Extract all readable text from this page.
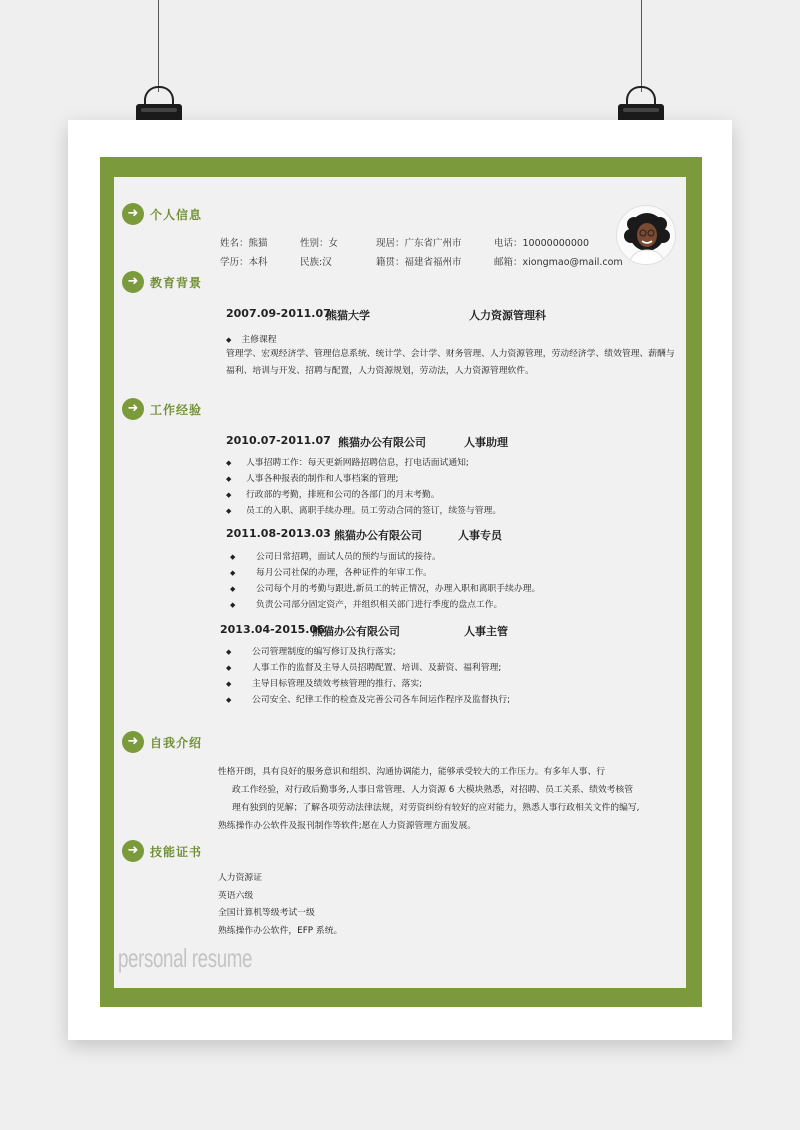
➜ 个人信息
姓名：熊猫	性别：女	现居：广东省广州市	电话：10000000000
学历：本科	民族:汉	籍贯：福建省福州市	邮箱：xiongmao@mail.com
➜ 教育背景
2007.09-2011.07
熊猫大学	人力资源管理科
◆ 主修课程
管理学、宏观经济学、管理信息系统、统计学、会计学、财务管理、人力资源管理，劳动经济学、绩效管理、薪酬与福利、培训与开发、招聘与配置，人力资源规划，劳动法，人力资源管理软件。
➜ 工作经验
2010.07-2011.07 熊猫办公有限公司	人事助理
◆ 人事招聘工作：每天更新网路招聘信息，打电话面试通知;
◆ 人事各种报表的制作和人事档案的管理;
◆ 行政部的考勤，排班和公司的各部门的月末考勤。
◆ 员工的入职、离职手续办理。员工劳动合同的签订，续签与管理。
2011.08-2013.03 熊猫办公有限公司	人事专员
◆ 公司日常招聘，面试人员的预约与面试的接待。
◆ 每月公司社保的办理，各种证件的年审工作。
◆ 公司每个月的考勤与跟进,新员工的转正情况，办理入职和离职手续办理。
◆ 负责公司部分固定资产，并组织相关部门进行季度的盘点工作。
2013.04-2015.06
熊猫办公有限公司	人事主管
◆ 公司管理制度的编写修订及执行落实;
◆ 人事工作的监督及主导人员招聘配置、培训、及薪资、福利管理;
◆ 主导目标管理及绩效考核管理的推行、落实;
◆ 公司安全、纪律工作的检查及完善公司各车间运作程序及监督执行;
➜ 自我介绍
性格开朗，具有良好的服务意识和组织、沟通协调能力，能够承受较大的工作压力。有多年人事、行
政工作经验，对行政后勤事务,人事日常管理、人力资源 6 大模块熟悉，对招聘、员工关系、绩效考核管
理有独到的见解；了解各项劳动法律法规，对劳资纠纷有较好的应对能力，熟悉人事行政相关文件的编写,
熟练操作办公软件及报刊制作等软件;愿在人力资源管理方面发展。
➜ 技能证书
人力资源证
英语六级
全国计算机等级考试一级
熟练操作办公软件，EFP 系统。
personal resume
